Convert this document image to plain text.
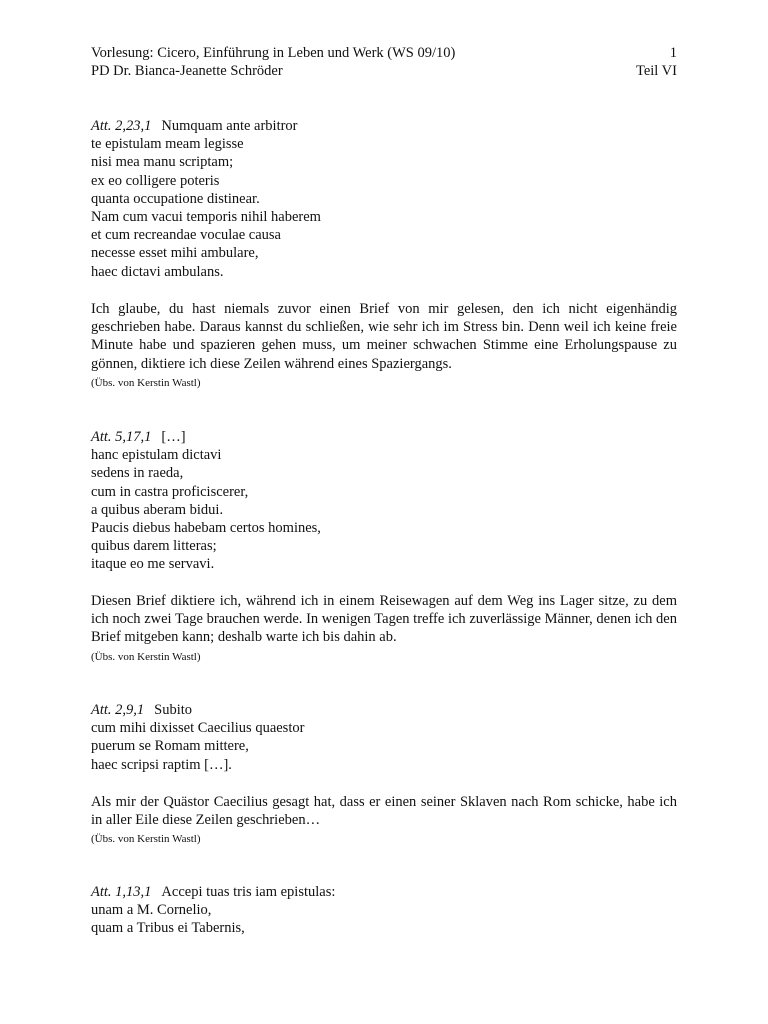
Vorlesung: Cicero, Einführung in Leben und Werk (WS 09/10)	1
PD Dr. Bianca-Jeanette Schröder	Teil VI
Att. 2,23,1 Numquam ante arbitror
te epistulam meam legisse
nisi mea manu scriptam;
ex eo colligere poteris
quanta occupatione distinear.
Nam cum vacui temporis nihil haberem
et cum recreandae voculae causa
necesse esset mihi ambulare,
haec dictavi ambulans.

Ich glaube, du hast niemals zuvor einen Brief von mir gelesen, den ich nicht eigenhändig geschrieben habe. Daraus kannst du schließen, wie sehr ich im Stress bin. Denn weil ich keine freie Minute habe und spazieren gehen muss, um meiner schwachen Stimme eine Erholungspause zu gönnen, diktiere ich diese Zeilen während eines Spaziergangs.

(Übs. von Kerstin Wastl)
Att. 5,17,1 […]
hanc epistulam dictavi
sedens in raeda,
cum in castra proficiscerer,
a quibus aberam bidui.
Paucis diebus habebam certos homines,
quibus darem litteras;
itaque eo me servavi.

Diesen Brief diktiere ich, während ich in einem Reisewagen auf dem Weg ins Lager sitze, zu dem ich noch zwei Tage brauchen werde. In wenigen Tagen treffe ich zuverlässige Männer, denen ich den Brief mitgeben kann; deshalb warte ich bis dahin ab.

(Übs. von Kerstin Wastl)
Att. 2,9,1 Subito
cum mihi dixisset Caecilius quaestor
puerum se Romam mittere,
haec scripsi raptim […].

Als mir der Quästor Caecilius gesagt hat, dass er einen seiner Sklaven nach Rom schicke, habe ich in aller Eile diese Zeilen geschrieben…

(Übs. von Kerstin Wastl)
Att. 1,13,1 Accepi tuas tris iam epistulas:
unam a M. Cornelio,
quam a Tribus ei Tabernis,
